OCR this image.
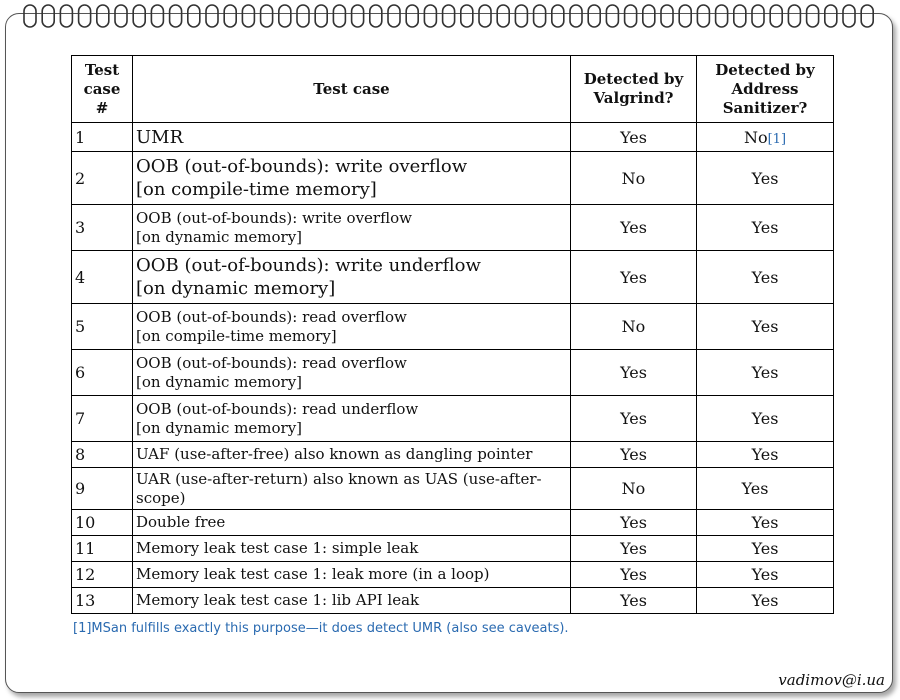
Test case #	Test case	Detected by Valgrind?	Detected by Address Sanitizer?
1	UMR	Yes	No[1]
2	OOB (out-of-bounds): write overflow
[on compile-time memory]	No	Yes
3	OOB (out-of-bounds): write overflow
[on dynamic memory]	Yes	Yes
4	OOB (out-of-bounds): write underflow
[on dynamic memory]	Yes	Yes
5	OOB (out-of-bounds): read overflow
[on compile-time memory]	No	Yes
6	OOB (out-of-bounds): read overflow
[on dynamic memory]	Yes	Yes
7	OOB (out-of-bounds): read underflow
[on dynamic memory]	Yes	Yes
8	UAF (use-after-free) also known as dangling pointer	Yes	Yes
9	UAR (use-after-return) also known as UAS (use-after-
scope)	No	Yes
10	Double free	Yes	Yes
11	Memory leak test case 1: simple leak	Yes	Yes
12	Memory leak test case 1: leak more (in a loop)	Yes	Yes
13	Memory leak test case 1: lib API leak	Yes	Yes
[1]MSan fulfills exactly this purpose—it does detect UMR (also see caveats).
vadimov@i.ua
